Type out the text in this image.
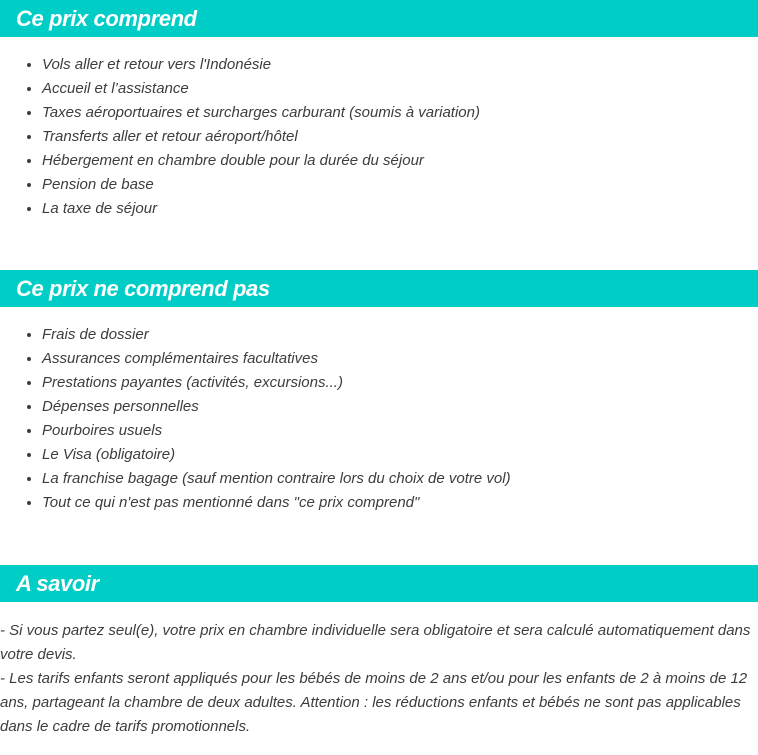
Ce prix comprend
• Vols aller et retour vers l'Indonésie
• Accueil et l’assistance
• Taxes aéroportuaires et surcharges carburant (soumis à variation)
• Transferts aller et retour aéroport/hôtel
• Hébergement en chambre double pour la durée du séjour
• Pension de base
• La taxe de séjour
Ce prix ne comprend pas
• Frais de dossier
• Assurances complémentaires facultatives
• Prestations payantes (activités, excursions...)
• Dépenses personnelles
• Pourboires usuels
• Le Visa (obligatoire)
• La franchise bagage (sauf mention contraire lors du choix de votre vol)
• Tout ce qui n'est pas mentionné dans "ce prix comprend"
A savoir

- Si vous partez seul(e), votre prix en chambre individuelle sera obligatoire et sera calculé automatiquement dans votre devis.

- Les tarifs enfants seront appliqués pour les bébés de moins de 2 ans et/ou pour les enfants de 2 à moins de 12 ans, partageant la chambre de deux adultes. Attention : les réductions enfants et bébés ne sont pas applicables dans le cadre de tarifs promotionnels.
